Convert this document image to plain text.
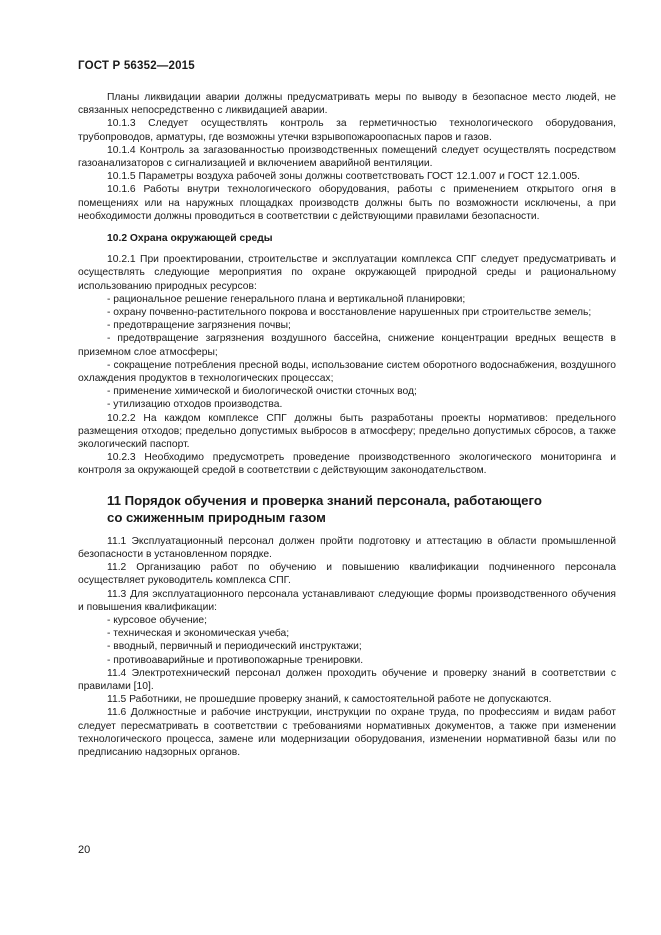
ГОСТ Р 56352—2015

Планы ликвидации аварии должны предусматривать меры по выводу в безопасное место людей, не связанных непосредственно с ликвидацией аварии.

10.1.3 Следует осуществлять контроль за герметичностью технологического оборудования, трубопроводов, арматуры, где возможны утечки взрывопожароопасных паров и газов.

10.1.4 Контроль за загазованностью производственных помещений следует осуществлять посредством газоанализаторов с сигнализацией и включением аварийной вентиляции.

10.1.5 Параметры воздуха рабочей зоны должны соответствовать ГОСТ 12.1.007 и ГОСТ 12.1.005.

10.1.6 Работы внутри технологического оборудования, работы с применением открытого огня в помещениях или на наружных площадках производств должны быть по возможности исключены, а при необходимости должны проводиться в соответствии с действующими правилами безопасности.

10.2 Охрана окружающей среды

10.2.1 При проектировании, строительстве и эксплуатации комплекса СПГ следует предусматривать и осуществлять следующие мероприятия по охране окружающей природной среды и рациональному использованию природных ресурсов:

- рациональное решение генерального плана и вертикальной планировки;

- охрану почвенно-растительного покрова и восстановление нарушенных при строительстве земель;

- предотвращение загрязнения почвы;

- предотвращение загрязнения воздушного бассейна, снижение концентрации вредных веществ в приземном слое атмосферы;

- сокращение потребления пресной воды, использование систем оборотного водоснабжения, воздушного охлаждения продуктов в технологических процессах;

- применение химической и биологической очистки сточных вод;

- утилизацию отходов производства.

10.2.2 На каждом комплексе СПГ должны быть разработаны проекты нормативов: предельного размещения отходов; предельно допустимых выбросов в атмосферу; предельно допустимых сбросов, а также экологический паспорт.

10.2.3 Необходимо предусмотреть проведение производственного экологического мониторинга и контроля за окружающей средой в соответствии с действующим законодательством.

11 Порядок обучения и проверка знаний персонала, работающего
со сжиженным природным газом

11.1 Эксплуатационный персонал должен пройти подготовку и аттестацию в области промышленной безопасности в установленном порядке.

11.2 Организацию работ по обучению и повышению квалификации подчиненного персонала осуществляет руководитель комплекса СПГ.

11.3 Для эксплуатационного персонала устанавливают следующие формы производственного обучения и повышения квалификации:

- курсовое обучение;

- техническая и экономическая учеба;

- вводный, первичный и периодический инструктажи;

- противоаварийные и противопожарные тренировки.

11.4 Электротехнический персонал должен проходить обучение и проверку знаний в соответствии с правилами [10].

11.5 Работники, не прошедшие проверку знаний, к самостоятельной работе не допускаются.

11.6 Должностные и рабочие инструкции, инструкции по охране труда, по профессиям и видам работ следует пересматривать в соответствии с требованиями нормативных документов, а также при изменении технологического процесса, замене или модернизации оборудования, изменении нормативной базы или по предписанию надзорных органов.

20
